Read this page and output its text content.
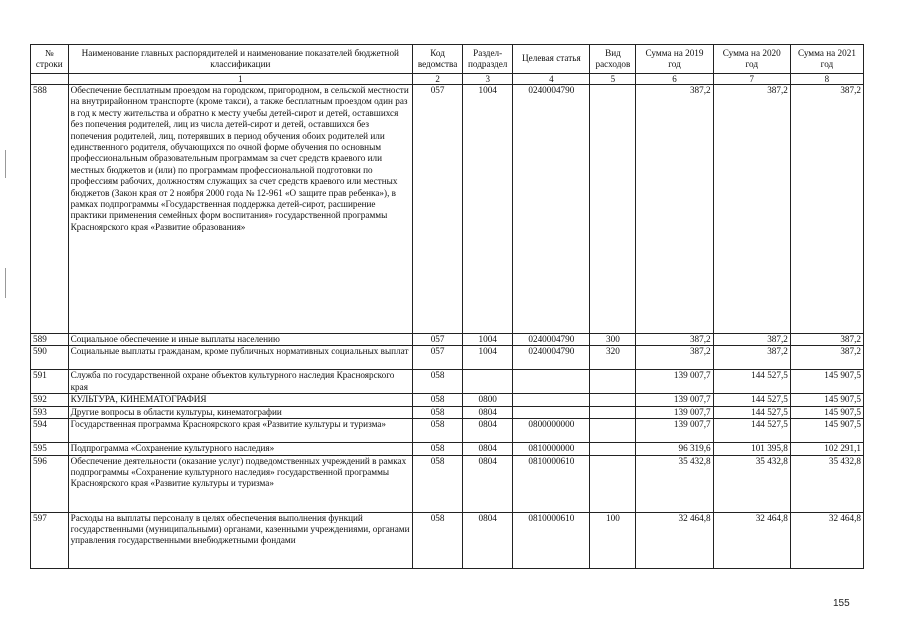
№ строки	Наименование главных распорядителей и наименование показателей бюджетной классификации	Код ведомства	Раздел-подраздел	Целевая статья	Вид расходов	Сумма на 2019 год	Сумма на 2020 год	Сумма на 2021 год
	1	2	3	4	5	6	7	8
588	Обеспечение бесплатным проездом на городском, пригородном, в сельской местности на внутрирайонном транспорте (кроме такси), а также бесплатным проездом один раз в год к месту жительства и обратно к месту учебы детей-сирот и детей, оставшихся без попечения родителей, лиц из числа детей-сирот и детей, оставшихся без попечения родителей, лиц, потерявших в период обучения обоих родителей или единственного родителя, обучающихся по очной форме обучения по основным профессиональным образовательным программам за счет средств краевого или местных бюджетов и (или) по программам профессиональной подготовки по профессиям рабочих, должностям служащих за счет средств краевого или местных бюджетов (Закон края от 2 ноября 2000 года № 12-961 «О защите прав ребенка»), в рамках подпрограммы «Государственная поддержка детей-сирот, расширение практики применения семейных форм воспитания» государственной программы Красноярского края «Развитие образования»	057	1004	0240004790		387,2	387,2	387,2
589	Социальное обеспечение и иные выплаты населению	057	1004	0240004790	300	387,2	387,2	387,2
590	Социальные выплаты гражданам, кроме публичных нормативных социальных выплат	057	1004	0240004790	320	387,2	387,2	387,2
591	Служба по государственной охране объектов культурного наследия Красноярского края	058				139 007,7	144 527,5	145 907,5
592	КУЛЬТУРА, КИНЕМАТОГРАФИЯ	058	0800			139 007,7	144 527,5	145 907,5
593	Другие вопросы в области культуры, кинематографии	058	0804			139 007,7	144 527,5	145 907,5
594	Государственная программа Красноярского края «Развитие культуры и туризма»	058	0804	0800000000		139 007,7	144 527,5	145 907,5
595	Подпрограмма «Сохранение культурного наследия»	058	0804	0810000000		96 319,6	101 395,8	102 291,1
596	Обеспечение деятельности (оказание услуг) подведомственных учреждений в рамках подпрограммы «Сохранение культурного наследия» государственной программы Красноярского края «Развитие культуры и туризма»	058	0804	0810000610		35 432,8	35 432,8	35 432,8
597	Расходы на выплаты персоналу в целях обеспечения выполнения функций государственными (муниципальными) органами, казенными учреждениями, органами управления государственными внебюджетными фондами	058	0804	0810000610	100	32 464,8	32 464,8	32 464,8
155
